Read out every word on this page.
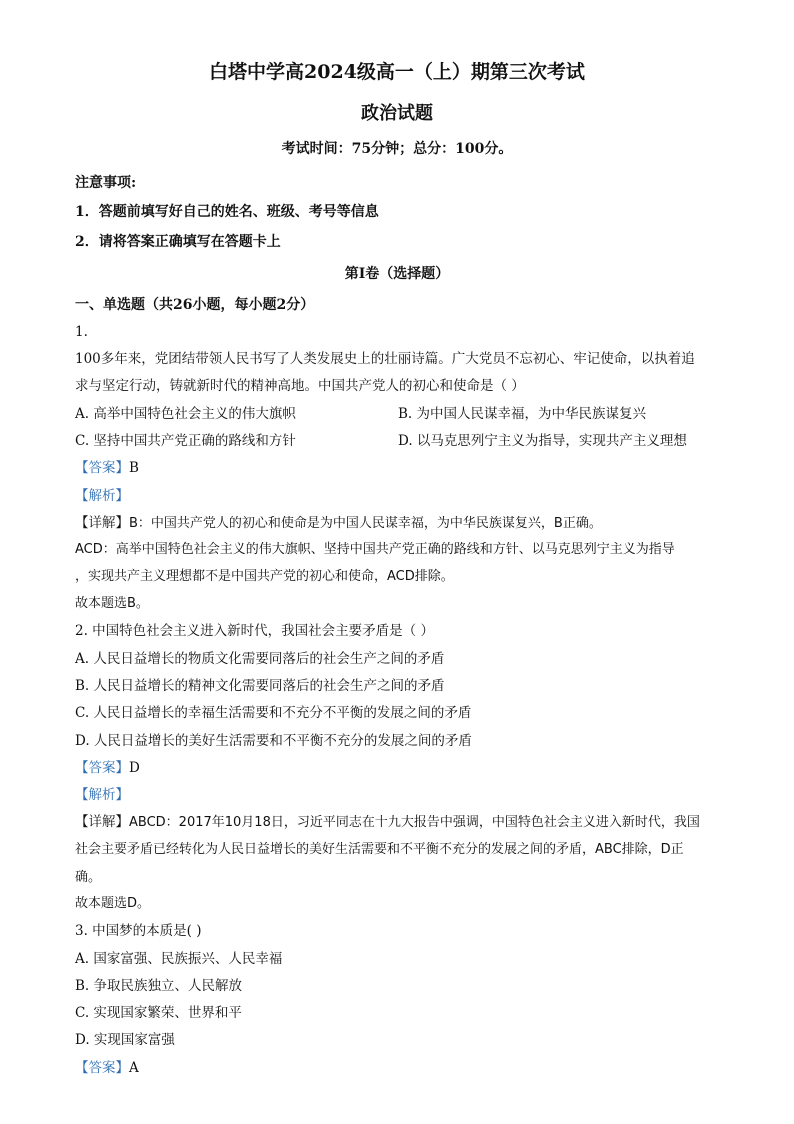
白塔中学高2024级高一（上）期第三次考试
政治试题
考试时间：75分钟；总分：100分。
注意事项:
1．答题前填写好自己的姓名、班级、考号等信息
2．请将答案正确填写在答题卡上
第I卷（选择题）
一、单选题（共26小题，每小题2分）
1.
100多年来，党团结带领人民书写了人类发展史上的壮丽诗篇。广大党员不忘初心、牢记使命，以执着追
求与坚定行动，铸就新时代的精神高地。中国共产党人的初心和使命是（ ）
A. 高举中国特色社会主义的伟大旗帜	B. 为中国人民谋幸福，为中华民族谋复兴
C. 坚持中国共产党正确的路线和方针	D. 以马克思列宁主义为指导，实现共产主义理想
【答案】B
【解析】
【详解】B：中国共产党人的初心和使命是为中国人民谋幸福，为中华民族谋复兴，B正确。
ACD：高举中国特色社会主义的伟大旗帜、坚持中国共产党正确的路线和方针、以马克思列宁主义为指导
，实现共产主义理想都不是中国共产党的初心和使命，ACD排除。
故本题选B。
2. 中国特色社会主义进入新时代，我国社会主要矛盾是（ ）
A. 人民日益增长的物质文化需要同落后的社会生产之间的矛盾
B. 人民日益增长的精神文化需要同落后的社会生产之间的矛盾
C. 人民日益增长的幸福生活需要和不充分不平衡的发展之间的矛盾
D. 人民日益增长的美好生活需要和不平衡不充分的发展之间的矛盾
【答案】D
【解析】
【详解】ABCD：2017年10月18日，习近平同志在十九大报告中强调，中国特色社会主义进入新时代，我国
社会主要矛盾已经转化为人民日益增长的美好生活需要和不平衡不充分的发展之间的矛盾，ABC排除，D正
确。
故本题选D。
3. 中国梦的本质是( )
A. 国家富强、民族振兴、人民幸福
B. 争取民族独立、人民解放
C. 实现国家繁荣、世界和平
D. 实现国家富强
【答案】A
